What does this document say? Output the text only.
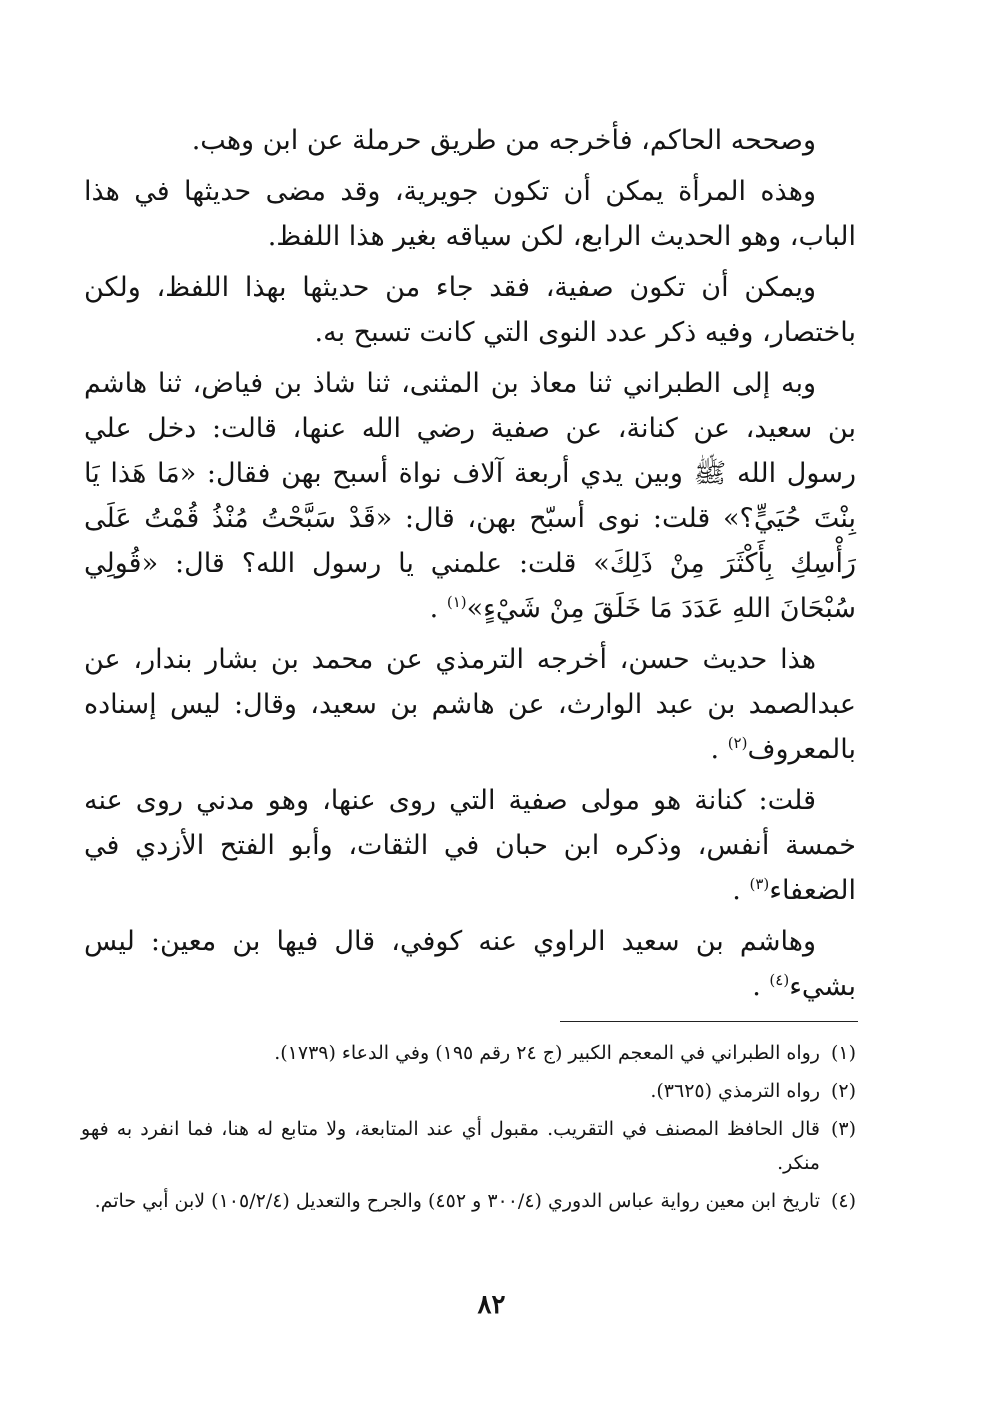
وصححه الحاكم، فأخرجه من طريق حرملة عن ابن وهب.

وهذه المرأة يمكن أن تكون جويرية، وقد مضى حديثها في هذا الباب، وهو الحديث الرابع، لكن سياقه بغير هذا اللفظ.

ويمكن أن تكون صفية، فقد جاء من حديثها بهذا اللفظ، ولكن باختصار، وفيه ذكر عدد النوى التي كانت تسبح به.

وبه إلى الطبراني ثنا معاذ بن المثنى، ثنا شاذ بن فياض، ثنا هاشم بن سعيد، عن كنانة، عن صفية رضي الله عنها، قالت: دخل علي رسول الله ﷺ وبين يدي أربعة آلاف نواة أسبح بهن فقال: «مَا هَذا يَا بِنْتَ حُيَيٍّ؟» قلت: نوى أسبّح بهن، قال: «قَدْ سَبَّحْتُ مُنْذُ قُمْتُ عَلَى رَأْسِكِ بِأَكْثَرَ مِنْ ذَلِكَ» قلت: علمني يا رسول الله؟ قال: «قُولِي سُبْحَانَ اللهِ عَدَدَ مَا خَلَقَ مِنْ شَيْءٍ»$^{(١)}$ .

هذا حديث حسن، أخرجه الترمذي عن محمد بن بشار بندار، عن عبدالصمد بن عبد الوارث، عن هاشم بن سعيد، وقال: ليس إسناده بالمعروف$^{(٢)}$ .

قلت: كنانة هو مولى صفية التي روى عنها، وهو مدني روى عنه خمسة أنفس، وذكره ابن حبان في الثقات، وأبو الفتح الأزدي في الضعفاء$^{(٣)}$ .

وهاشم بن سعيد الراوي عنه كوفي، قال فيها بن معين: ليس بشيء$^{(٤)}$ .

(١)
رواه الطبراني في المعجم الكبير (ج ٢٤ رقم ١٩٥) وفي الدعاء (١٧٣٩).
(٢)
رواه الترمذي (٣٦٢٥).
(٣)
قال الحافظ المصنف في التقريب. مقبول أي عند المتابعة، ولا متابع له هنا، فما انفرد به فهو منكر.
(٤)
تاريخ ابن معين رواية عباس الدوري (٣٠٠/٤ و ٤٥٢) والجرح والتعديل (١٠٥/٢/٤) لابن أبي حاتم.
٨٢
